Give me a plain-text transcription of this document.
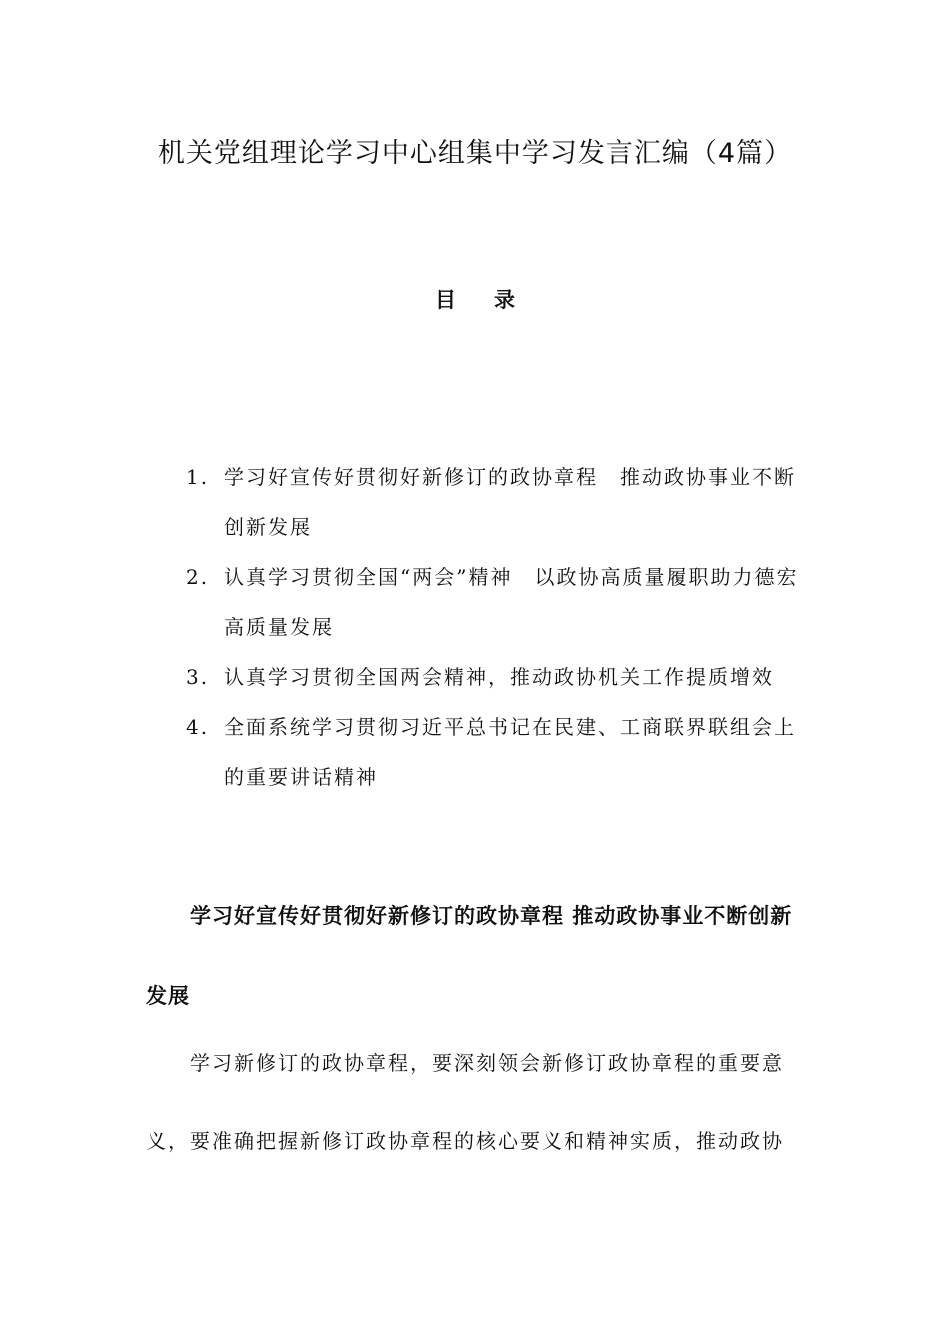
机关党组理论学习中心组集中学习发言汇编（4篇）
目录
1. 学习好宣传好贯彻好新修订的政协章程　推动政协事业不断创新发展
2. 认真学习贯彻全国“两会”精神　以政协高质量履职助力德宏高质量发展
3. 认真学习贯彻全国两会精神，推动政协机关工作提质增效
4. 全面系统学习贯彻习近平总书记在民建、工商联界联组会上的重要讲话精神

学习好宣传好贯彻好新修订的政协章程 推动政协事业不断创新发展

学习新修订的政协章程，要深刻领会新修订政协章程的重要意义，要准确把握新修订政协章程的核心要义和精神实质，推动政协
